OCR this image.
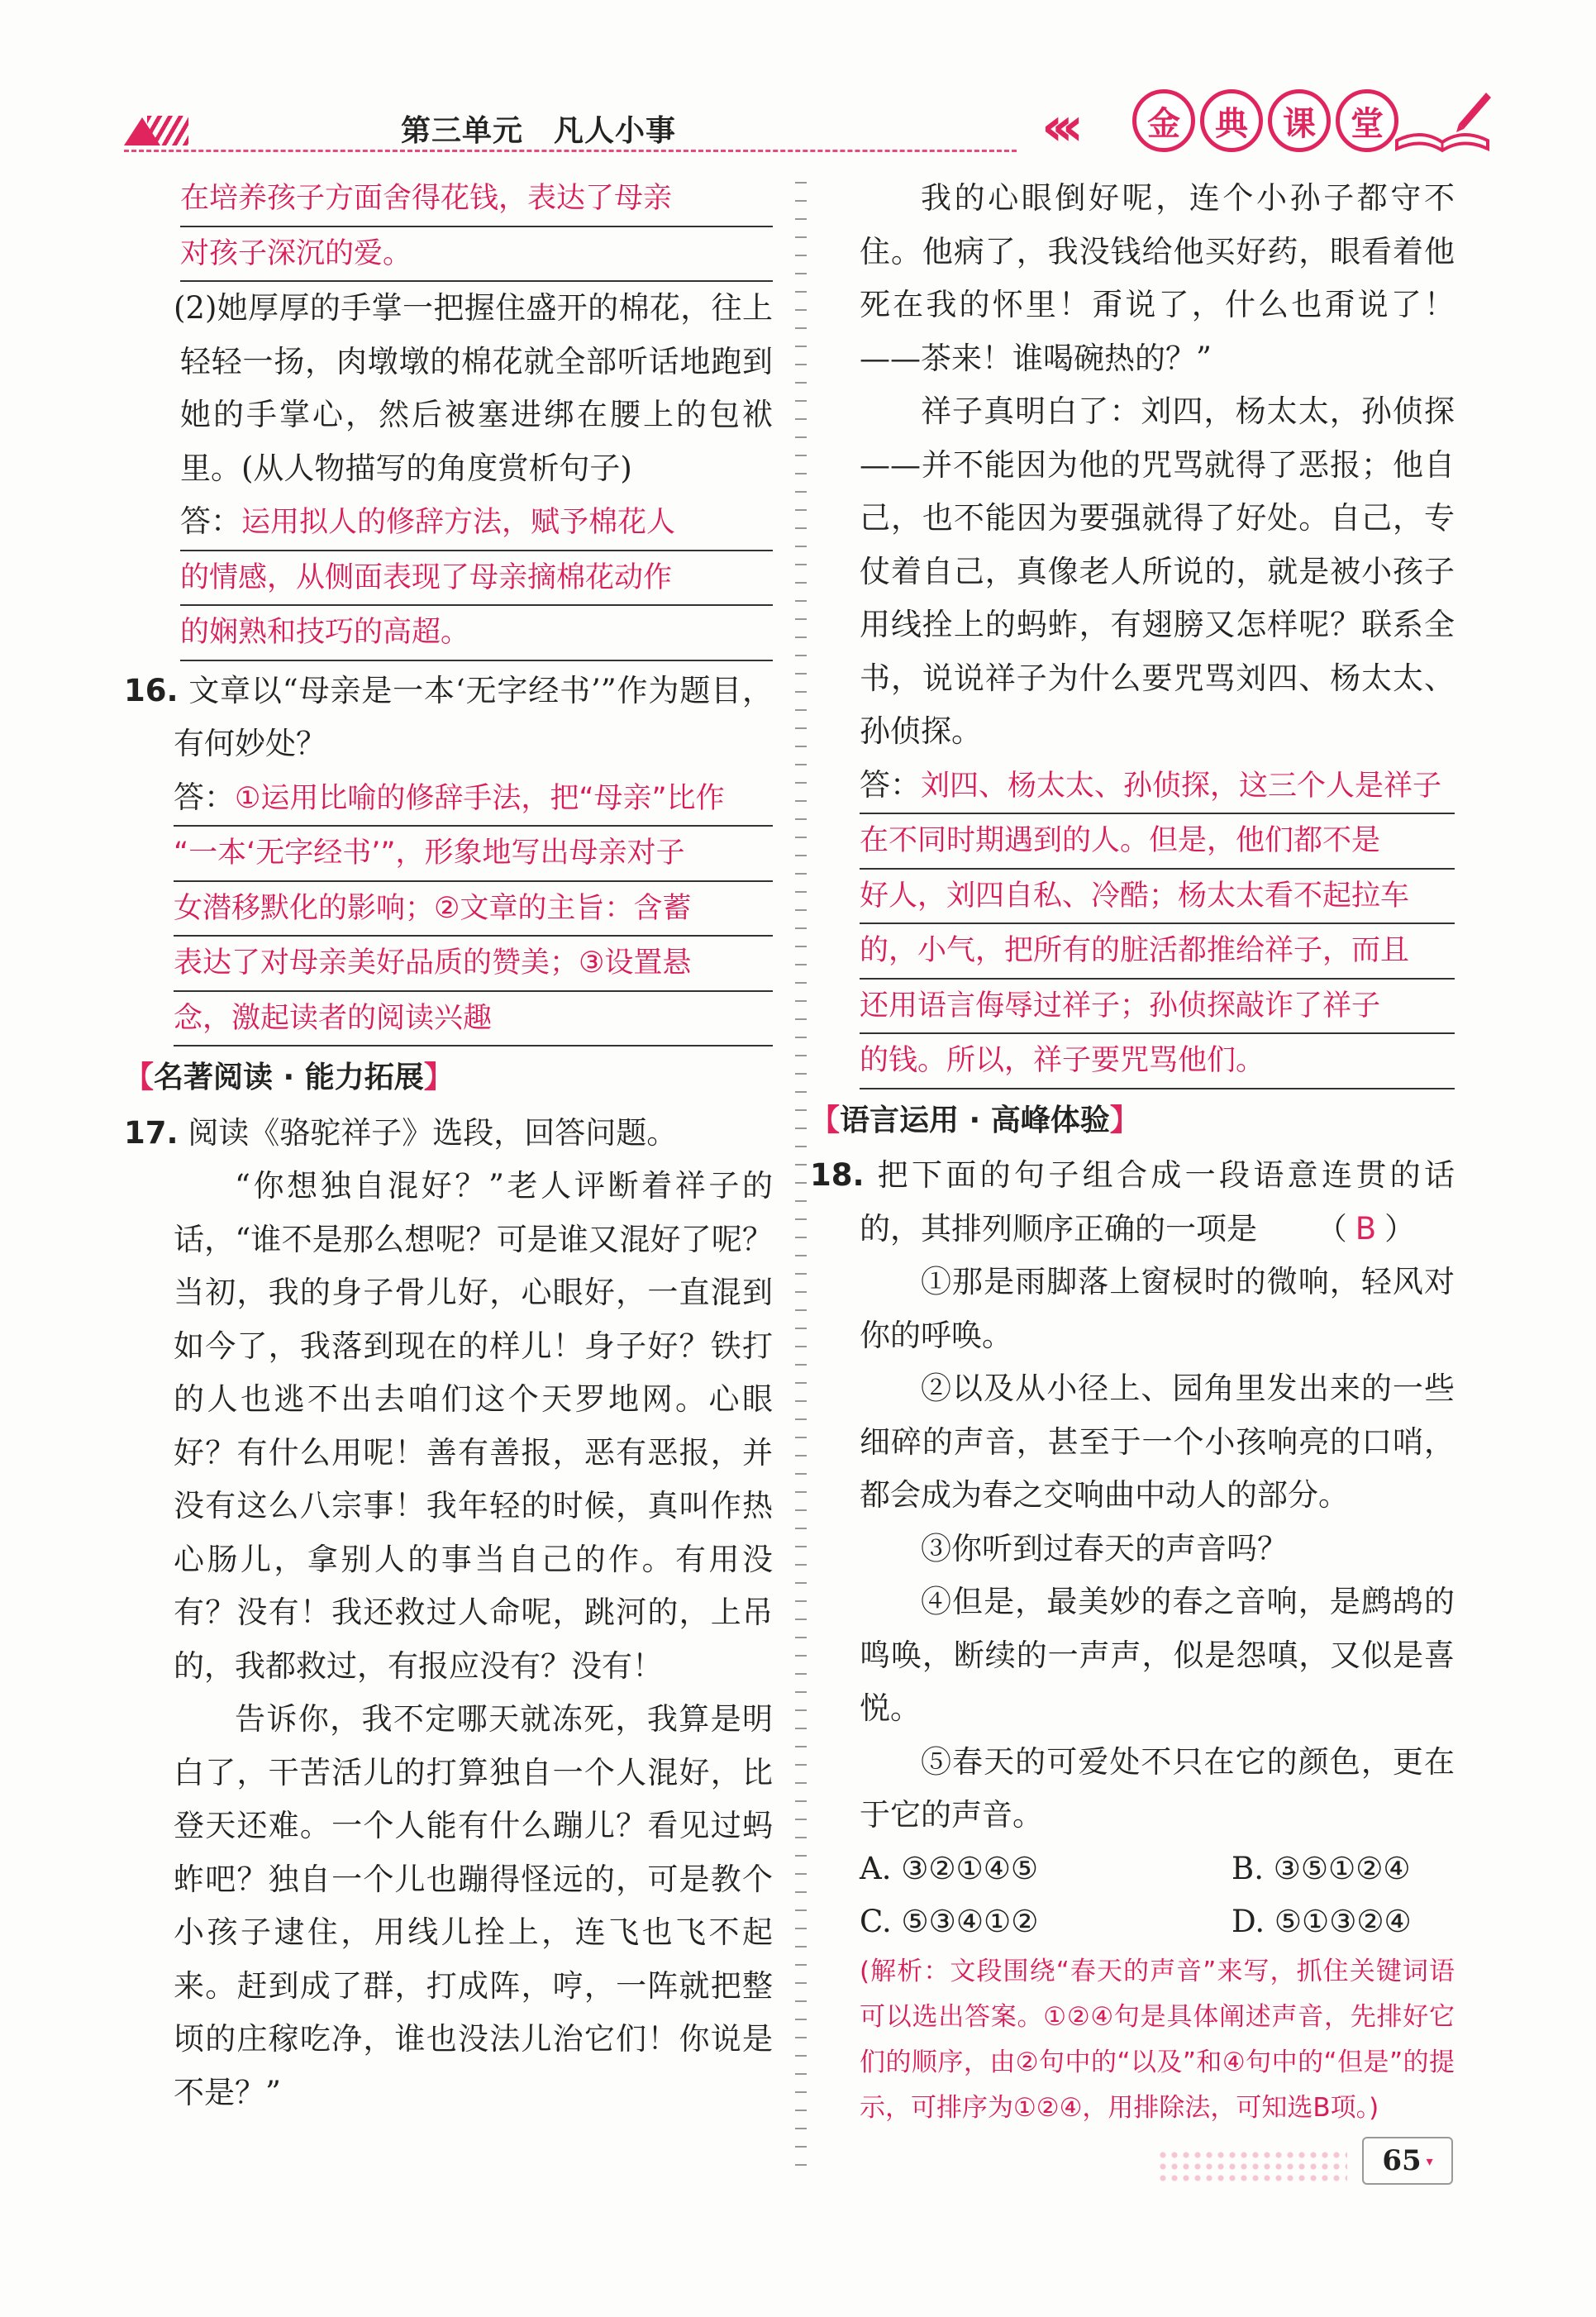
第三单元　凡人小事	‹‹‹	金	典	课	堂
在培养孩子方面舍得花钱，表达了母亲
对孩子深沉的爱。

(2)她厚厚的手掌一把握住盛开的棉花，往上轻轻一扬，肉墩墩的棉花就全部听话地跑到她的手掌心，然后被塞进绑在腰上的包袱里。(从人物描写的角度赏析句子)

答：运用拟人的修辞方法，赋予棉花人
的情感，从侧面表现了母亲摘棉花动作
的娴熟和技巧的高超。

16. 文章以“母亲是一本‘无字经书’”作为题目，有何妙处？

答：①运用比喻的修辞手法，把“母亲”比作
“一本‘无字经书’”，形象地写出母亲对子
女潜移默化的影响；②文章的主旨：含蓄
表达了对母亲美好品质的赞美；③设置悬
念，激起读者的阅读兴趣
【名著阅读 · 能力拓展】

17. 阅读《骆驼祥子》选段，回答问题。

“你想独自混好？”老人评断着祥子的话，“谁不是那么想呢？可是谁又混好了呢？当初，我的身子骨儿好，心眼好，一直混到如今了，我落到现在的样儿！身子好？铁打的人也逃不出去咱们这个天罗地网。心眼好？有什么用呢！善有善报，恶有恶报，并没有这么八宗事！我年轻的时候，真叫作热心肠儿，拿别人的事当自己的作。有用没有？没有！我还救过人命呢，跳河的，上吊的，我都救过，有报应没有？没有！

告诉你，我不定哪天就冻死，我算是明白了，干苦活儿的打算独自一个人混好，比登天还难。一个人能有什么蹦儿？看见过蚂蚱吧？独自一个儿也蹦得怪远的，可是教个小孩子逮住，用线儿拴上，连飞也飞不起来。赶到成了群，打成阵，哼，一阵就把整顷的庄稼吃净，谁也没法儿治它们！你说是不是？”

我的心眼倒好呢，连个小孙子都守不住。他病了，我没钱给他买好药，眼看着他死在我的怀里！甭说了，什么也甭说了！——茶来！谁喝碗热的？”

祥子真明白了：刘四，杨太太，孙侦探——并不能因为他的咒骂就得了恶报；他自己，也不能因为要强就得了好处。自己，专仗着自己，真像老人所说的，就是被小孩子用线拴上的蚂蚱，有翅膀又怎样呢？联系全书，说说祥子为什么要咒骂刘四、杨太太、孙侦探。

答：刘四、杨太太、孙侦探，这三个人是祥子
在不同时期遇到的人。但是，他们都不是
好人，刘四自私、冷酷；杨太太看不起拉车
的，小气，把所有的脏活都推给祥子，而且
还用语言侮辱过祥子；孙侦探敲诈了祥子
的钱。所以，祥子要咒骂他们。
【语言运用 · 高峰体验】

18. 把下面的句子组合成一段语意连贯的话的，其排列顺序正确的一项是 （ B ）

①那是雨脚落上窗棂时的微响，轻风对你的呼唤。

②以及从小径上、园角里发出来的一些细碎的声音，甚至于一个小孩响亮的口哨，都会成为春之交响曲中动人的部分。

③你听到过春天的声音吗？

④但是，最美妙的春之音响，是鹧鸪的鸣唤，断续的一声声，似是怨嗔，又似是喜悦。

⑤春天的可爱处不只在它的颜色，更在于它的声音。

A. ③②①④⑤	B. ③⑤①②④
C. ⑤③④①②	D. ⑤①③②④

(解析：文段围绕“春天的声音”来写，抓住关键词语可以选出答案。①②④句是具体阐述声音，先排好它们的顺序，由②句中的“以及”和④句中的“但是”的提示，可排序为①②④，用排除法，可知选B项。)

65 ▾
